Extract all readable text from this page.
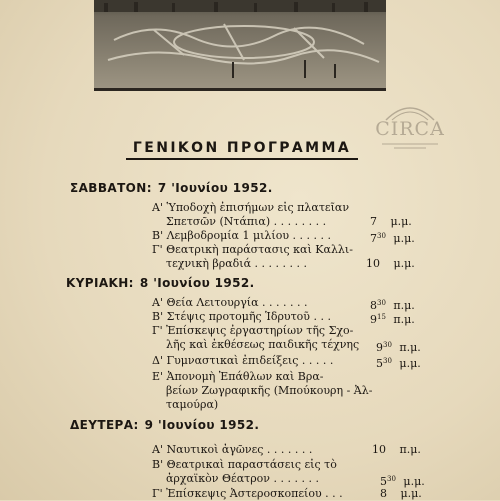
CIRCA
ΓΕΝΙΚΟΝ ΠΡΟΓΡΑΜΜΑ
ΣΑΒΒΑΤΟΝ: 7 'Ιουνίου 1952.
Α' Ὑποδοχὴ ἐπισήμων εἰς πλατεῖαν
Σπετσῶν (Ντάπια) . . . . . . . .	7 μ.μ.
Β' Λεμβοδρομία 1 μιλίου . . . . . .	$7^{30}$ μ.μ.
Γ' Θεατρικὴ παράστασις καὶ Καλλι-
τεχνικὴ βραδιά . . . . . . . .	10 μ.μ.
ΚΥΡΙΑΚΗ: 8 'Ιουνίου 1952.
Α' Θεία Λειτουργία . . . . . . .	$8^{30}$ π.μ.
Β' Στέψις προτομῆς Ἱδρυτοῦ . . .	$9^{15}$ π.μ.
Γ' Ἐπίσκεψις ἐργαστηρίων τῆς Σχο-
λῆς καὶ ἐκθέσεως παιδικῆς τέχνης $9^{30}$ π.μ.
Δ' Γυμναστικαὶ ἐπιδείξεις . . . . .	$5^{30}$ μ.μ.
Ε' Ἀπονομὴ Ἐπάθλων καὶ Βρα-
βείων Ζωγραφικῆς (Μπούκουρη - Ἀλ-
ταμούρα)
ΔΕΥΤΕΡΑ: 9 'Ιουνίου 1952.
Α' Ναυτικοὶ ἀγῶνες . . . . . . .	10 π.μ.
Β' Θεατρικαὶ παραστάσεις εἰς τὸ
ἀρχαϊκὸν Θέατρον . . . . . . .	$5^{30}$ μ.μ.
Γ' Ἐπίσκεψις Ἀστεροσκοπείου . . .	8 μ.μ.
